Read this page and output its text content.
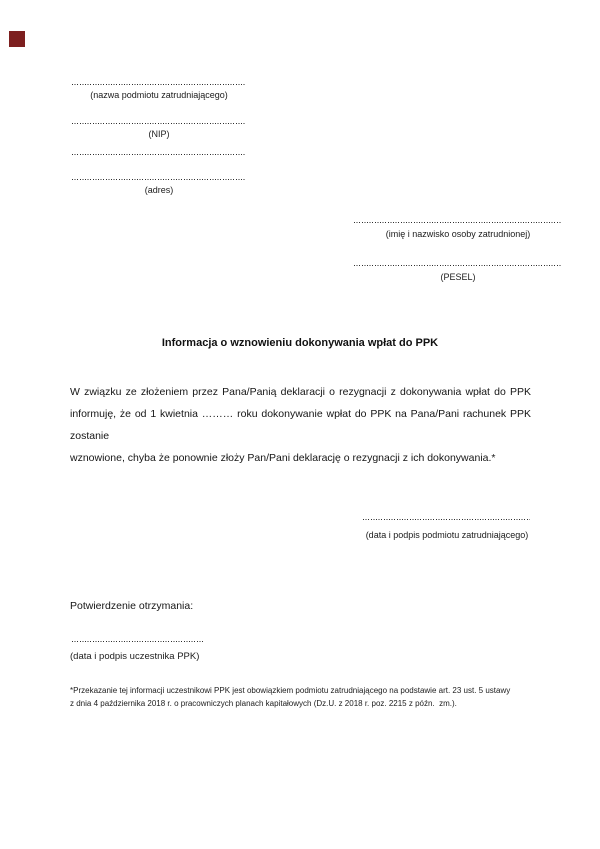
(nazwa podmiotu zatrudniającego)
(NIP)
(adres)
(imię i nazwisko osoby zatrudnionej)
(PESEL)
Informacja o wznowieniu dokonywania wpłat do PPK
W związku ze złożeniem przez Pana/Panią deklaracji o rezygnacji z dokonywania wpłat do PPK
informuję, że od 1 kwietnia ……… roku dokonywanie wpłat do PPK na Pana/Pani rachunek PPK zostanie
wznowione, chyba że ponownie złoży Pan/Pani deklarację o rezygnacji z ich dokonywania.*
(data i podpis podmiotu zatrudniającego)
Potwierdzenie otrzymania:
(data i podpis uczestnika PPK)
*Przekazanie tej informacji uczestnikowi PPK jest obowiązkiem podmiotu zatrudniającego na podstawie art. 23 ust. 5 ustawy
z dnia 4 października 2018 r. o pracowniczych planach kapitałowych (Dz.U. z 2018 r. poz. 2215 z późn.  zm.).
